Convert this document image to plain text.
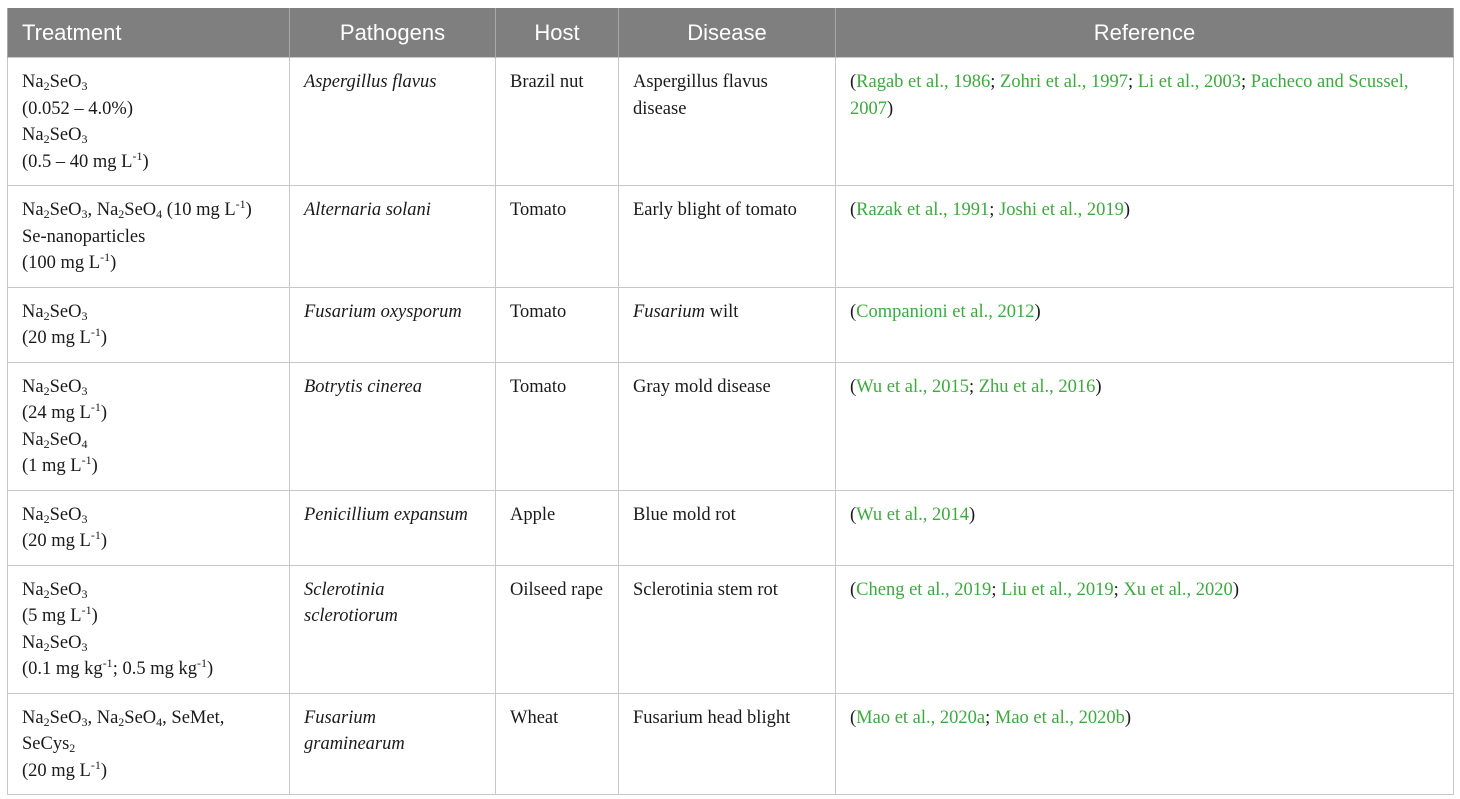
Treatment	Pathogens	Host	Disease	Reference

$Na_2SeO_3$
(0.052 – 4.0%)
$Na_2SeO_3$
(0.5 – 40 mg $L^{-1}$)	Aspergillus flavus	Brazil nut	Aspergillus flavus disease	(Ragab et al., 1986; Zohri et al., 1997; Li et al., 2003; Pacheco and Scussel, 2007)

$Na_2SeO_3$, $Na_2SeO_4$ (10 mg $L^{-1}$)
Se-nanoparticles
(100 mg $L^{-1}$)	Alternaria solani	Tomato	Early blight of tomato	(Razak et al., 1991; Joshi et al., 2019)

$Na_2SeO_3$
(20 mg $L^{-1}$)	Fusarium oxysporum	Tomato	Fusarium wilt	(Companioni et al., 2012)

$Na_2SeO_3$
(24 mg $L^{-1}$)
$Na_2SeO_4$
(1 mg $L^{-1}$)	Botrytis cinerea	Tomato	Gray mold disease	(Wu et al., 2015; Zhu et al., 2016)

$Na_2SeO_3$
(20 mg $L^{-1}$)	Penicillium expansum	Apple	Blue mold rot	(Wu et al., 2014)

$Na_2SeO_3$
(5 mg $L^{-1}$)
$Na_2SeO_3$
(0.1 mg $kg^{-1}$; 0.5 mg $kg^{-1}$)	Sclerotinia sclerotiorum	Oilseed rape	Sclerotinia stem rot	(Cheng et al., 2019; Liu et al., 2019; Xu et al., 2020)

$Na_2SeO_3$, $Na_2SeO_4$, SeMet,
SeCys$_2$
(20 mg $L^{-1}$)	Fusarium graminearum	Wheat	Fusarium head blight	(Mao et al., 2020a; Mao et al., 2020b)
